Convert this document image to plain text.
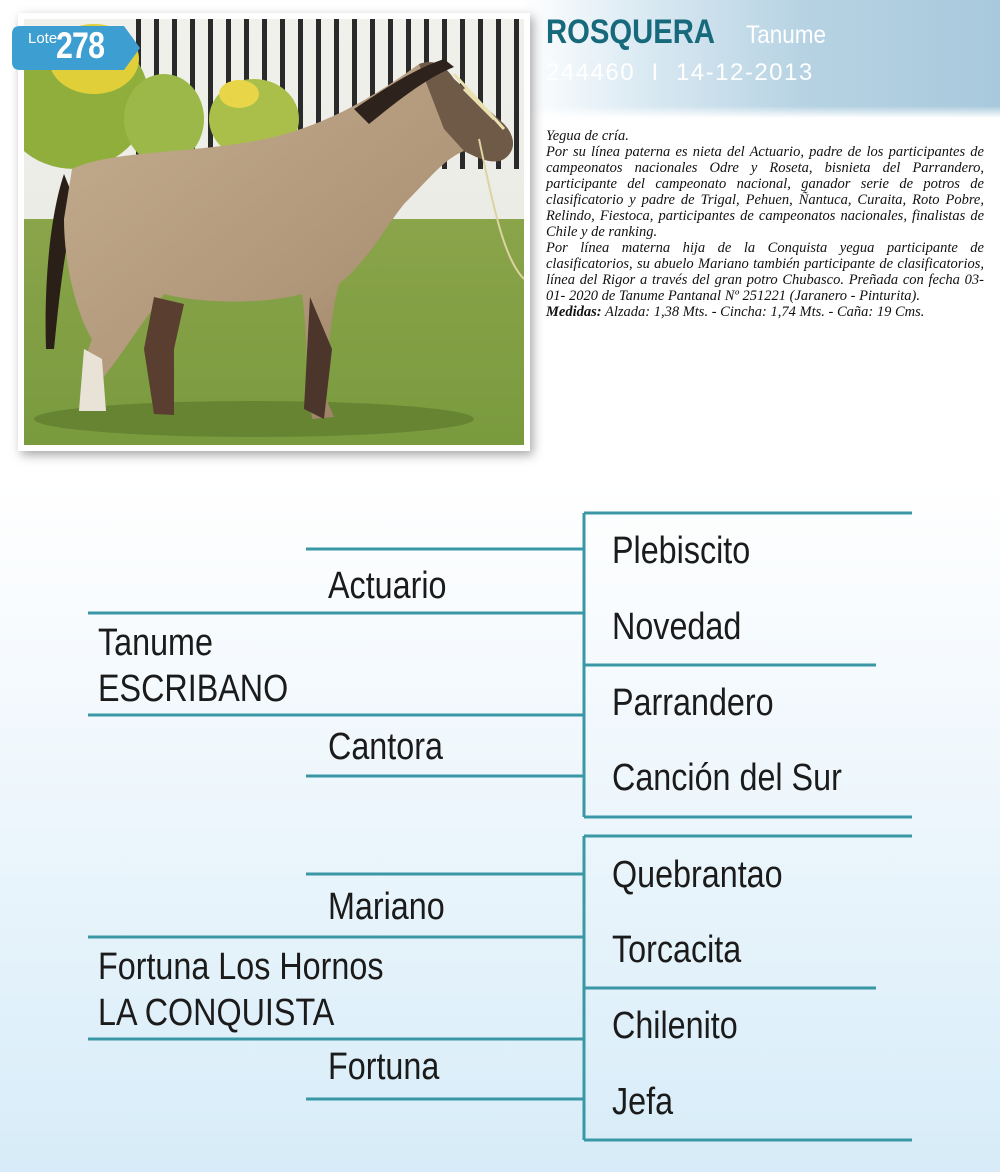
Lote
278	ROSQUERA Tanume
244460 I 14-12-2013

Yegua de cría.

Por su línea paterna es nieta del Actuario, padre de los participantes de campeonatos nacionales Odre y Roseta, bisnieta del Parrandero, participante del campeonato nacional, ganador serie de potros de clasificatorio y padre de Trigal, Pehuen, Ñantuca, Curaita, Roto Pobre, Relindo, Fiestoca, participantes de campeonatos nacionales, finalistas de Chile y de ranking.

Por línea materna hija de la Conquista yegua participante de clasificatorios, su abuelo Mariano también participante de clasificatorios, línea del Rigor a través del gran potro Chubasco. Preñada con fecha 03-01- 2020 de Tanume Pantanal Nº 251221 (Jaranero - Pinturita).

Medidas: Alzada: 1,38 Mts. - Cincha: 1,74 Mts. - Caña: 19 Cms.

Plebiscito
Novedad
Parrandero
Canción del Sur
Actuario
Cantora
Tanume
ESCRIBANO
Quebrantao
Torcacita
Chilenito
Jefa
Mariano
Fortuna
Fortuna Los Hornos
LA CONQUISTA
